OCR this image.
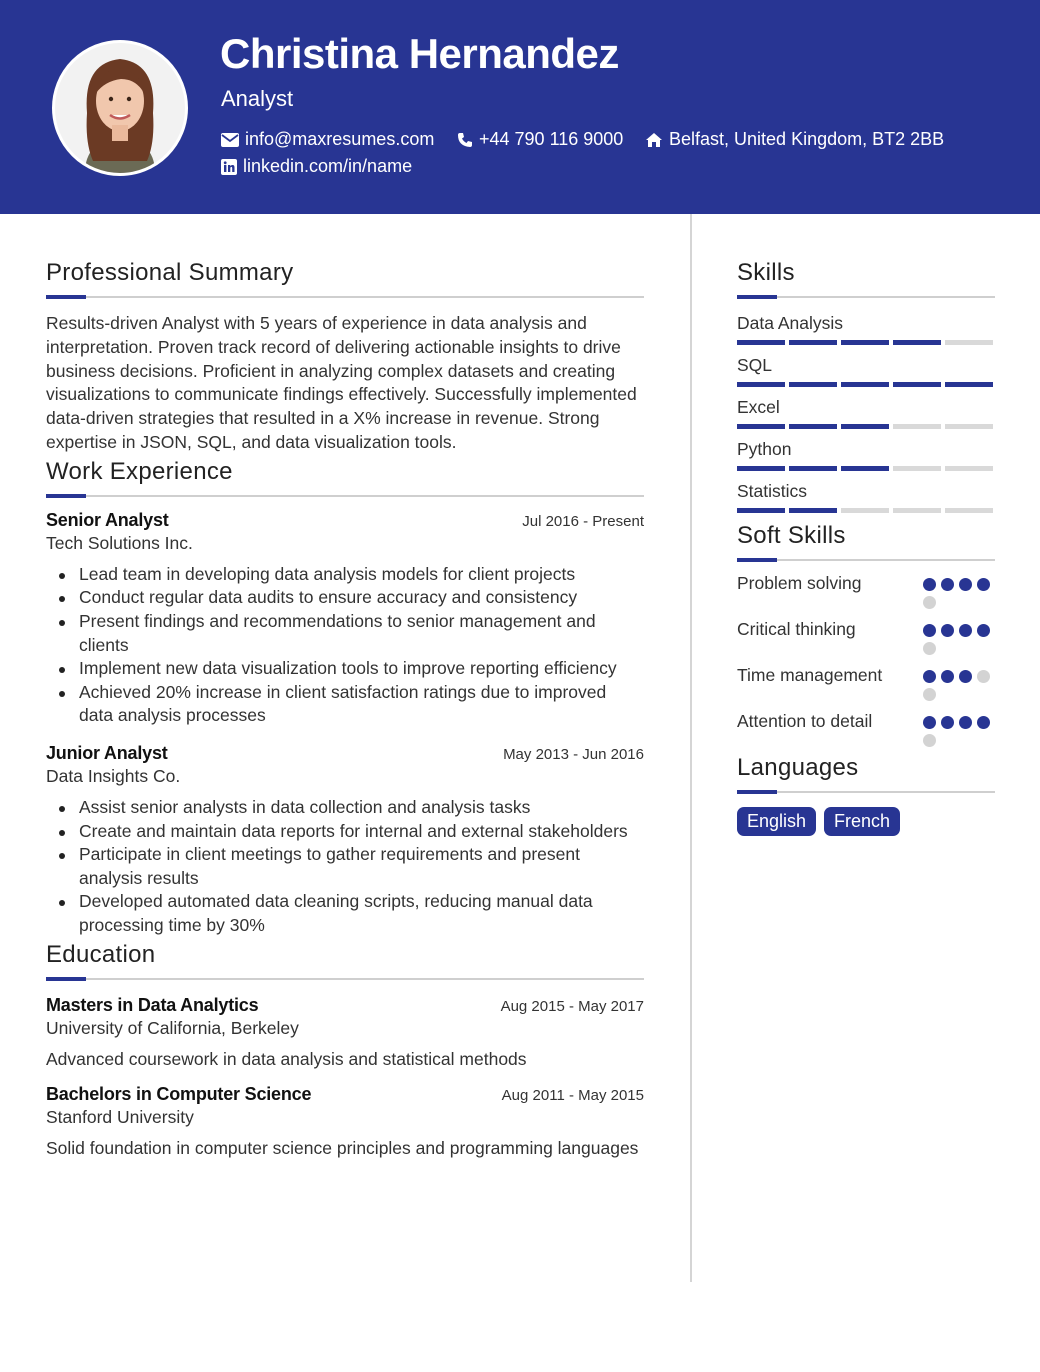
Christina Hernandez
Analyst
info@maxresumes.com +44 790 116 9000	Belfast, United Kingdom, BT2 2BB
linkedin.com/in/name
Professional Summary

Results-driven Analyst with 5 years of experience in data analysis and interpretation. Proven track record of delivering actionable insights to drive business decisions. Proficient in analyzing complex datasets and creating visualizations to communicate findings effectively. Successfully implemented data-driven strategies that resulted in a X% increase in revenue. Strong expertise in JSON, SQL, and data visualization tools.

Work Experience
Senior Analyst	Jul 2016 - Present
Tech Solutions Inc.
Lead team in developing data analysis models for client projects
Conduct regular data audits to ensure accuracy and consistency
Present findings and recommendations to senior management and clients
Implement new data visualization tools to improve reporting efficiency
Achieved 20% increase in client satisfaction ratings due to improved data analysis processes
Junior Analyst	May 2013 - Jun 2016
Data Insights Co.
Assist senior analysts in data collection and analysis tasks
Create and maintain data reports for internal and external stakeholders
Participate in client meetings to gather requirements and present analysis results
Developed automated data cleaning scripts, reducing manual data processing time by 30%
Education
Masters in Data Analytics	Aug 2015 - May 2017
University of California, Berkeley
Advanced coursework in data analysis and statistical methods
Bachelors in Computer Science	Aug 2011 - May 2015
Stanford University
Solid foundation in computer science principles and programming languages
Skills
Data Analysis
SQL
Excel
Python
Statistics
Soft Skills
Problem solving
Critical thinking
Time management
Attention to detail
Languages
English	French
